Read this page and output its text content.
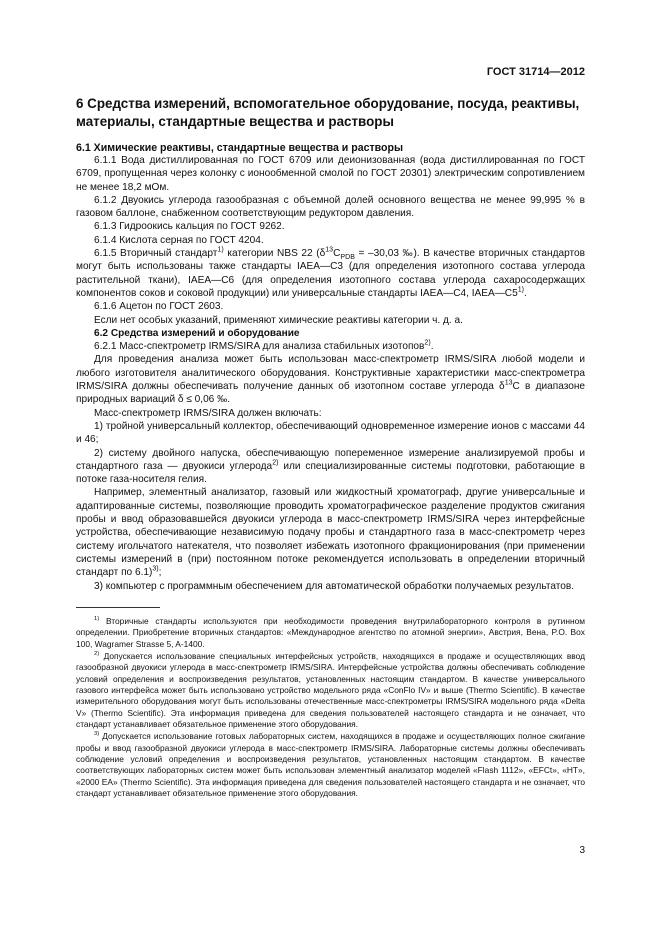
ГОСТ 31714—2012
6 Средства измерений, вспомогательное оборудование, посуда, реактивы, материалы, стандартные вещества и растворы
6.1 Химические реактивы, стандартные вещества и растворы

6.1.1 Вода дистиллированная по ГОСТ 6709 или деионизованная (вода дистиллированная по ГОСТ 6709, пропущенная через колонку с ионообменной смолой по ГОСТ 20301) электрическим сопротивлением не менее 18,2 мОм.

6.1.2 Двуокись углерода газообразная с объемной долей основного вещества не менее 99,995 % в газовом баллоне, снабженном соответствующим редуктором давления.

6.1.3 Гидроокись кальция по ГОСТ 9262.

6.1.4 Кислота серная по ГОСТ 4204.

6.1.5 Вторичный стандарт$^{1)}$ категории NBS 22 ($\delta^{13}C_{PDB} = -30,03$ ‰). В качестве вторичных стандартов могут быть использованы также стандарты IAEA—C3 (для определения изотопного состава углерода растительной ткани), IAEA—C6 (для определения изотопного состава углерода сахаросодержащих компонентов соков и соковой продукции) или универсальные стандарты IAEA—C4, IAEA—C5$^{1)}$.

6.1.6 Ацетон по ГОСТ 2603.

Если нет особых указаний, применяют химические реактивы категории ч. д. а.

6.2 Средства измерений и оборудование

6.2.1 Масс-спектрометр IRMS/SIRA для анализа стабильных изотопов$^{2)}$.

Для проведения анализа может быть использован масс-спектрометр IRMS/SIRA любой модели и любого изготовителя аналитического оборудования. Конструктивные характеристики масс-спектрометра IRMS/SIRA должны обеспечивать получение данных об изотопном составе углерода $\delta^{13}С$ в диапазоне природных вариаций δ ≤ 0,06 ‰.

Масс-спектрометр IRMS/SIRA должен включать:

1) тройной универсальный коллектор, обеспечивающий одновременное измерение ионов с массами 44 и 46;

2) систему двойного напуска, обеспечивающую попеременное измерение анализируемой пробы и стандартного газа — двуокиси углерода$^{2)}$ или специализированные системы подготовки, работающие в потоке газа-носителя гелия.

Например, элементный анализатор, газовый или жидкостный хроматограф, другие универсальные и адаптированные системы, позволяющие проводить хроматографическое разделение продуктов сжигания пробы и ввод образовавшейся двуокиси углерода в масс-спектрометр IRMS/SIRA через интерфейсные устройства, обеспечивающие независимую подачу пробы и стандартного газа в масс-спектрометр через систему игольчатого натекателя, что позволяет избежать изотопного фракционирования (при применении системы измерений в (при) постоянном потоке рекомендуется использовать в определении вторичный стандарт по 6.1)$^{3)}$;

3) компьютер с программным обеспечением для автоматической обработки получаемых результатов.

$^{1)}$ Вторичные стандарты используются при необходимости проведения внутрилабораторного контроля в рутинном определении. Приобретение вторичных стандартов: «Международное агентство по атомной энергии», Австрия, Вена, P.O. Box 100, Wagramer Strasse 5, A-1400.

$^{2)}$ Допускается использование специальных интерфейсных устройств, находящихся в продаже и осуществляющих ввод газообразной двуокиси углерода в масс-спектрометр IRMS/SIRA. Интерфейсные устройства должны обеспечивать соблюдение условий определения и воспроизведения результатов, установленных настоящим стандартом. В качестве универсального газового интерфейса может быть использовано устройство модельного ряда «ConFlo IV» и выше (Thermo Scientific). В качестве измерительного оборудования могут быть использованы отечественные масс-спектрометры IRMS/SIRA модельного ряда «Delta V» (Thermo Scientific). Эта информация приведена для сведения пользователей настоящего стандарта и не означает, что стандарт устанавливает обязательное применение этого оборудования.

$^{3)}$ Допускается использование готовых лабораторных систем, находящихся в продаже и осуществляющих полное сжигание пробы и ввод газообразной двуокиси углерода в масс-спектрометр IRMS/SIRA. Лабораторные системы должны обеспечивать соблюдение условий определения и воспроизведения результатов, установленных настоящим стандартом. В качестве соответствующих лабораторных систем может быть использован элементный анализатор моделей «Flash 1112», «EFCt», «HT», «2000 EA» (Thermo Scientific). Эта информация приведена для сведения пользователей настоящего стандарта и не означает, что стандарт устанавливает обязательное применение этого оборудования.

3
